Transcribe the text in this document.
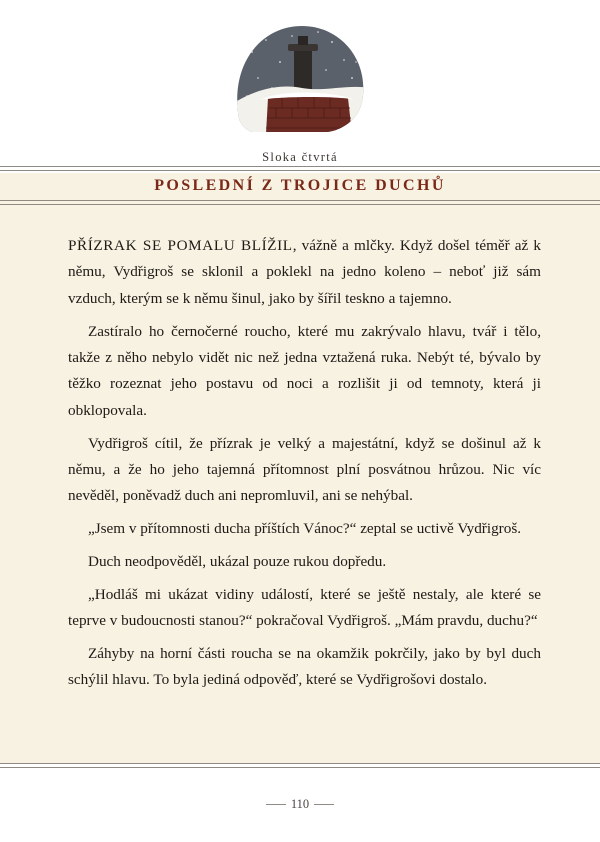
Sloka čtvrtá
POSLEDNÍ Z TROJICE DUCHŮ

PŘÍZRAK SE POMALU BLÍŽIL, vážně a mlčky. Když došel téměř až k němu, Vydřigroš se sklonil a poklekl na jedno koleno – neboť již sám vzduch, kterým se k němu šinul, jako by šířil teskno a tajemno.

Zastíralo ho černočerné roucho, které mu zakrývalo hlavu, tvář i tělo, takže z něho nebylo vidět nic než jedna vztažená ruka. Nebýt té, bývalo by těžko rozeznat jeho postavu od noci a rozlišit ji od temnoty, která ji obklopovala.

Vydřigroš cítil, že přízrak je velký a majestátní, když se došinul až k němu, a že ho jeho tajemná přítomnost plní posvátnou hrůzou. Nic víc nevěděl, poněvadž duch ani nepromluvil, ani se nehýbal.

„Jsem v přítomnosti ducha příštích Vánoc?“ zeptal se uctivě Vydřigroš.

Duch neodpověděl, ukázal pouze rukou dopředu.

„Hodláš mi ukázat vidiny událostí, které se ještě nestaly, ale které se teprve v budoucnosti stanou?“ pokračoval Vydřigroš. „Mám pravdu, duchu?“

Záhyby na horní části roucha se na okamžik pokrčily, jako by byl duch schýlil hlavu. To byla jediná odpověď, které se Vydřigrošovi dostalo.

110
